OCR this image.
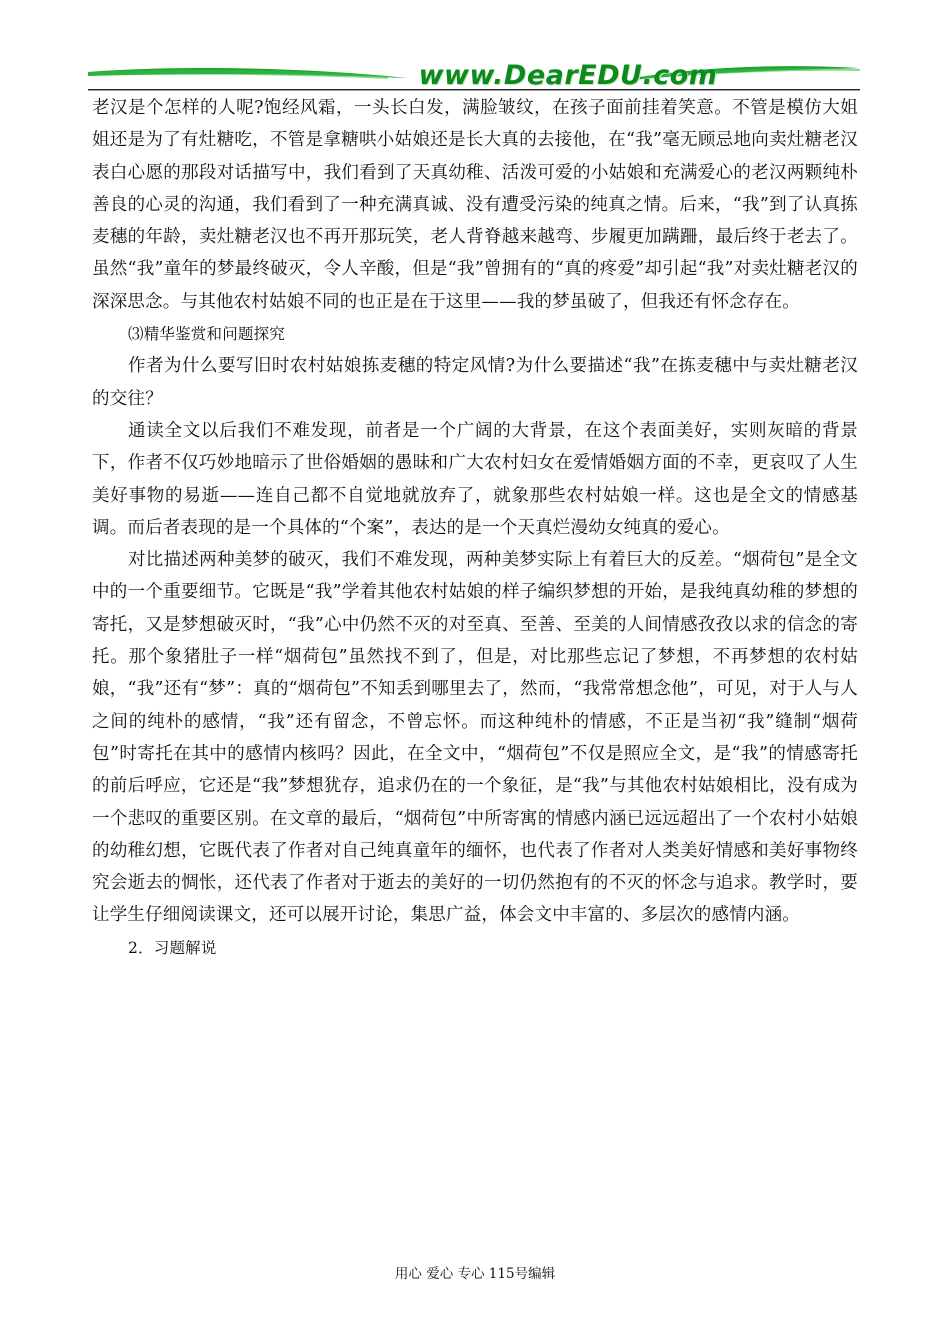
www.DearEDU.com

老汉是个怎样的人呢?饱经风霜，一头长白发，满脸皱纹，在孩子面前挂着笑意。不管是模仿大姐姐还是为了有灶糖吃，不管是拿糖哄小姑娘还是长大真的去接他，在“我”毫无顾忌地向卖灶糖老汉表白心愿的那段对话描写中，我们看到了天真幼稚、活泼可爱的小姑娘和充满爱心的老汉两颗纯朴善良的心灵的沟通，我们看到了一种充满真诚、没有遭受污染的纯真之情。后来，“我”到了认真拣麦穗的年龄，卖灶糖老汉也不再开那玩笑，老人背脊越来越弯、步履更加蹒跚，最后终于老去了。虽然“我”童年的梦最终破灭，令人辛酸，但是“我”曾拥有的“真的疼爱”却引起“我”对卖灶糖老汉的深深思念。与其他农村姑娘不同的也正是在于这里——我的梦虽破了，但我还有怀念存在。

⑶精华鉴赏和问题探究

作者为什么要写旧时农村姑娘拣麦穗的特定风情?为什么要描述“我”在拣麦穗中与卖灶糖老汉的交往？

通读全文以后我们不难发现，前者是一个广阔的大背景，在这个表面美好，实则灰暗的背景下，作者不仅巧妙地暗示了世俗婚姻的愚昧和广大农村妇女在爱情婚姻方面的不幸，更哀叹了人生美好事物的易逝——连自己都不自觉地就放弃了，就象那些农村姑娘一样。这也是全文的情感基调。而后者表现的是一个具体的“个案”，表达的是一个天真烂漫幼女纯真的爱心。

对比描述两种美梦的破灭，我们不难发现，两种美梦实际上有着巨大的反差。“烟荷包”是全文中的一个重要细节。它既是“我”学着其他农村姑娘的样子编织梦想的开始，是我纯真幼稚的梦想的寄托，又是梦想破灭时，“我”心中仍然不灭的对至真、至善、至美的人间情感孜孜以求的信念的寄托。那个象猪肚子一样“烟荷包”虽然找不到了，但是，对比那些忘记了梦想，不再梦想的农村姑娘，“我”还有“梦”：真的“烟荷包”不知丢到哪里去了，然而，“我常常想念他”，可见，对于人与人之间的纯朴的感情，“我”还有留念，不曾忘怀。而这种纯朴的情感，不正是当初“我”缝制“烟荷包”时寄托在其中的感情内核吗？因此，在全文中，“烟荷包”不仅是照应全文，是“我”的情感寄托的前后呼应，它还是“我”梦想犹存，追求仍在的一个象征，是“我”与其他农村姑娘相比，没有成为一个悲叹的重要区别。在文章的最后，“烟荷包”中所寄寓的情感内涵已远远超出了一个农村小姑娘的幼稚幻想，它既代表了作者对自己纯真童年的缅怀，也代表了作者对人类美好情感和美好事物终究会逝去的惆怅，还代表了作者对于逝去的美好的一切仍然抱有的不灭的怀念与追求。教学时，要让学生仔细阅读课文，还可以展开讨论，集思广益，体会文中丰富的、多层次的感情内涵。

2．习题解说

用心 爱心 专心 115号编辑
